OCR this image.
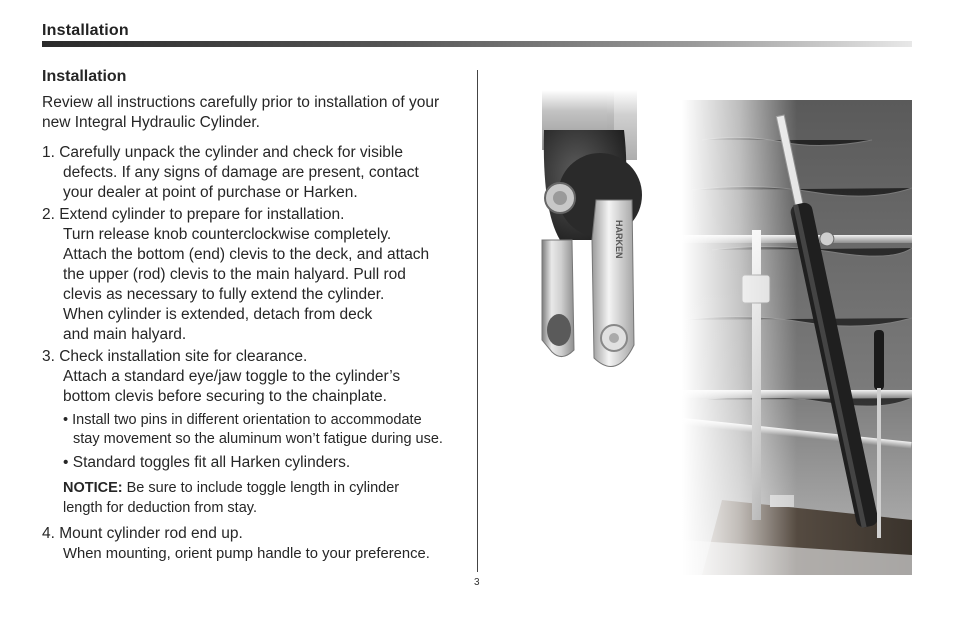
Installation
Installation
Review all instructions carefully prior to installation of your new Integral Hydraulic Cylinder.
1. Carefully unpack the cylinder and check for visible
defects. If any signs of damage are present, contact
your dealer at point of purchase or Harken.
2. Extend cylinder to prepare for installation.
Turn release knob counterclockwise completely.
Attach the bottom (end) clevis to the deck, and attach
the upper (rod) clevis to the main halyard. Pull rod
clevis as necessary to fully extend the cylinder.
When cylinder is extended, detach from deck
and main halyard.
3. Check installation site for clearance.
Attach a standard eye/jaw toggle to the cylinder’s
bottom clevis before securing to the chainplate.
• Install two pins in different orientation to accommodate
stay movement so the aluminum won’t fatigue during use.
• Standard toggles fit all Harken cylinders.
NOTICE: Be sure to include toggle length in cylinder
length for deduction from stay.
4. Mount cylinder rod end up.
When mounting, orient pump handle to your preference.
3
HARKEN
